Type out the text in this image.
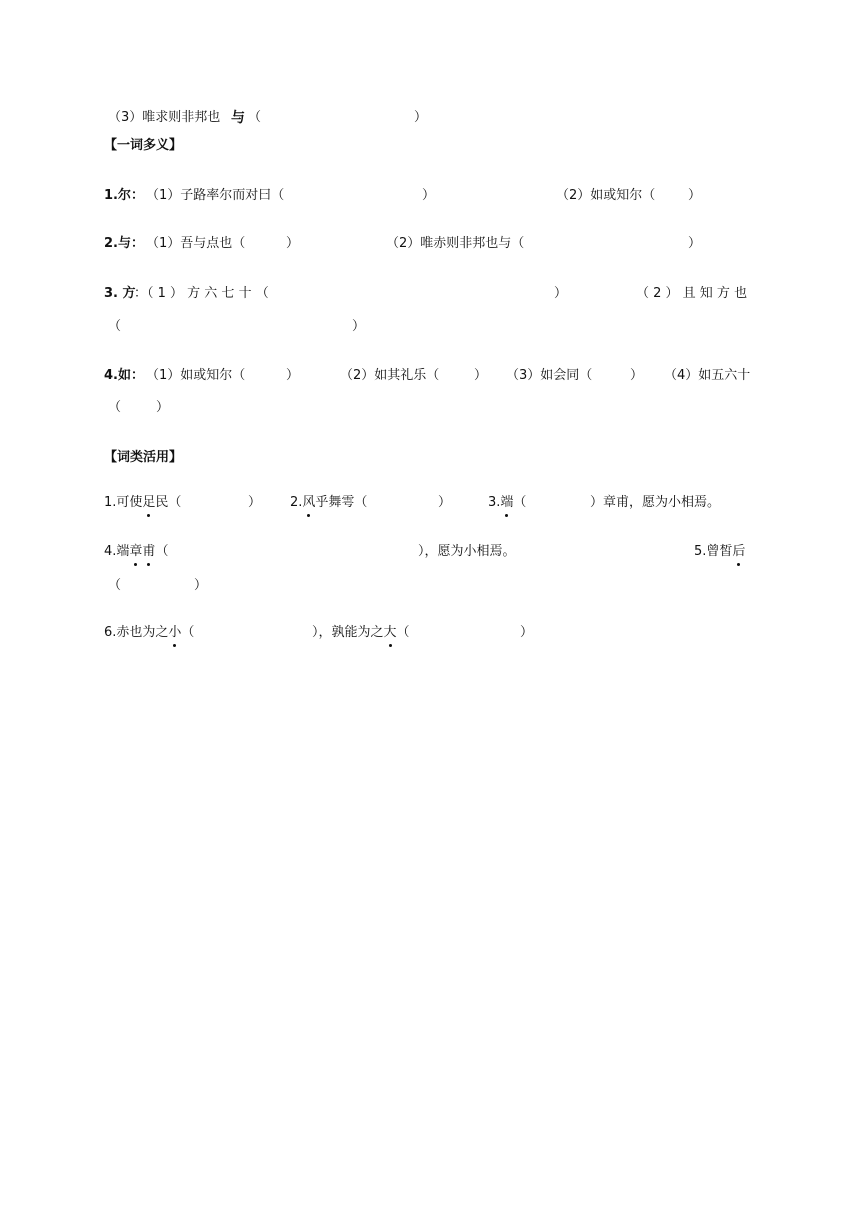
（3）唯求则非邦也 与 （	）
【一词多义】
1.尔： （1）子路率尔而对曰（	）	（2）如或知尔（	）
2.与： （1）吾与点也（	）	（2）唯赤则非邦也与（	）
3. 方
：（ 1 ） 方 六 七 十 （	）	（ 2 ） 且 知 方 也
（	）
4.如： （1）如或知尔（	）	（2）如其礼乐（	） （3）如会同（	） （4）如五六十
（	）
【词类活用】
1.可使足民（	） 2.风乎舞雩（	）	3.端（	）章甫，愿为小相焉。
4.端章甫（	），愿为小相焉。	5.曾皙后
（	）
6.赤也为之小（	），孰能为之大（	）
